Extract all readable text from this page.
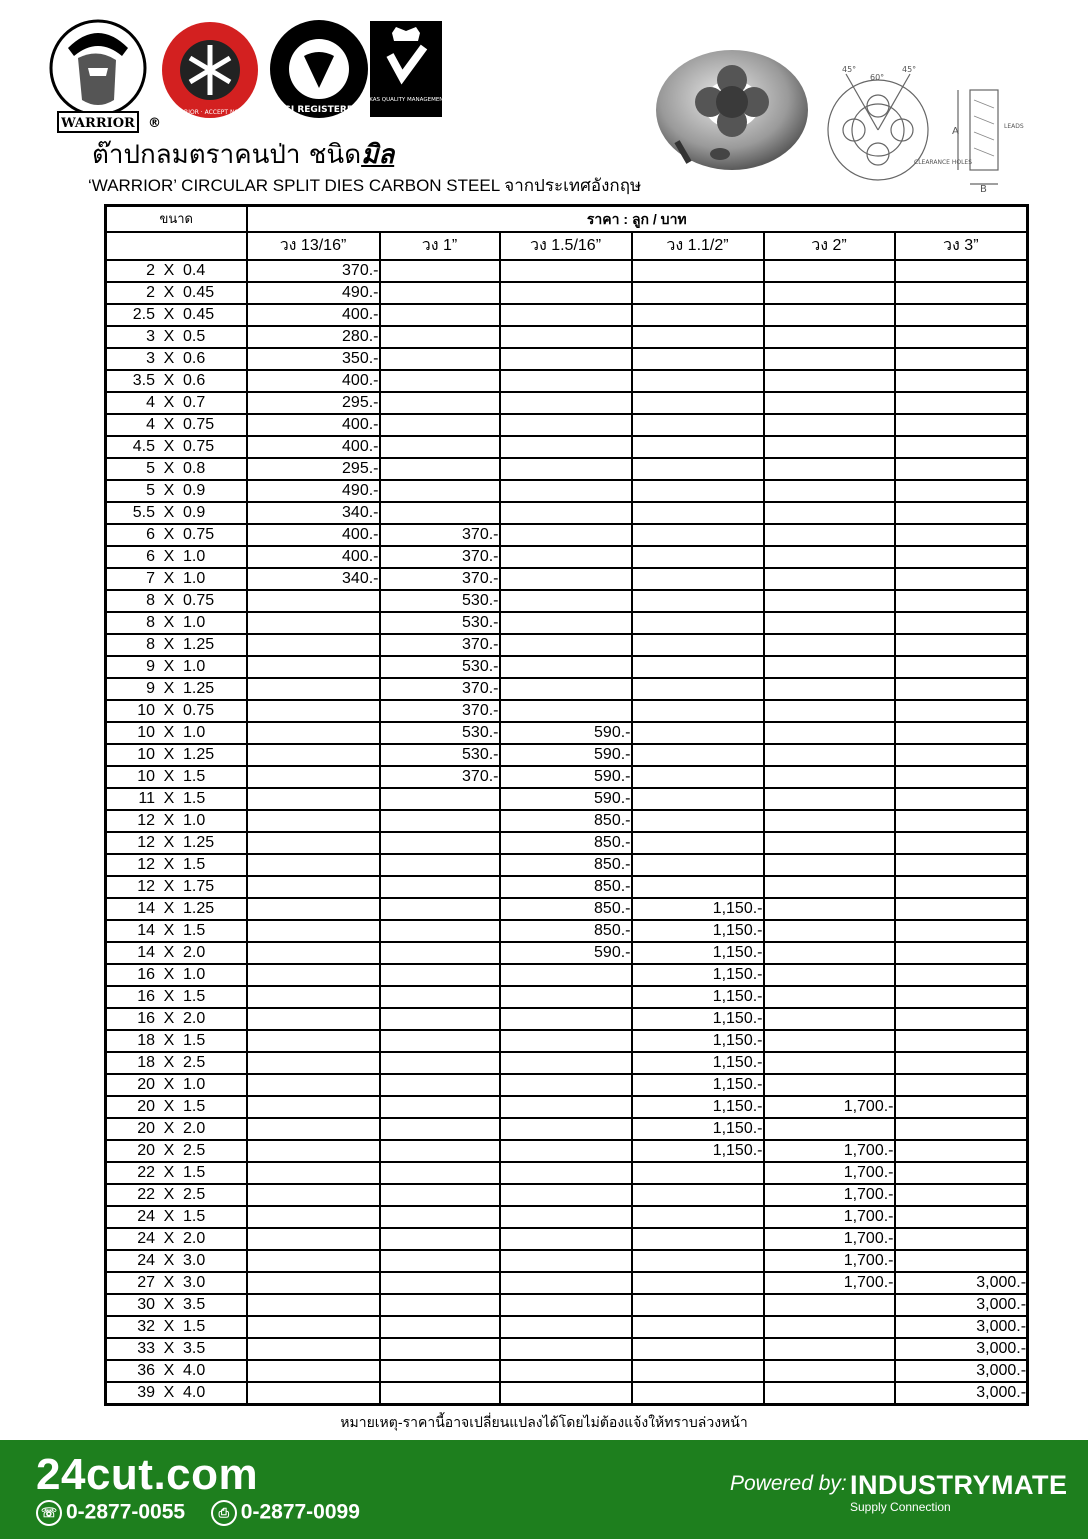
WARRIOR ®
ORIGINAL WARRIOR · ACCEPT NO ALTERNATIVE
BSI REGISTERED
UKAS QUALITY MANAGEMENT
ต๊าปกลมตราคนป่า ชนิดมิล
‘WARRIOR’ CIRCULAR SPLIT DIES CARBON STEEL จากประเทศอังกฤษ
45°
60°
45°
A
B
LEADS
CLEARANCE HOLES
ขนาด	ราคา : ลูก / บาท					
	วง 13/16”	วง 1”	วง 1.5/16”	วง 1.1/2”	วง 2”	วง 3”
2 X 0.4	370.-					
2 X 0.45	490.-					
2.5 X 0.45	400.-					
3 X 0.5	280.-					
3 X 0.6	350.-					
3.5 X 0.6	400.-					
4 X 0.7	295.-					
4 X 0.75	400.-					
4.5 X 0.75	400.-					
5 X 0.8	295.-					
5 X 0.9	490.-					
5.5 X 0.9	340.-					
6 X 0.75	400.-	370.-				
6 X 1.0	400.-	370.-				
7 X 1.0	340.-	370.-				
8 X 0.75		530.-				
8 X 1.0		530.-				
8 X 1.25		370.-				
9 X 1.0		530.-				
9 X 1.25		370.-				
10 X 0.75		370.-				
10 X 1.0		530.-	590.-			
10 X 1.25		530.-	590.-			
10 X 1.5		370.-	590.-			
11 X 1.5			590.-			
12 X 1.0			850.-			
12 X 1.25			850.-			
12 X 1.5			850.-			
12 X 1.75			850.-			
14 X 1.25			850.-	1,150.-		
14 X 1.5			850.-	1,150.-		
14 X 2.0			590.-	1,150.-		
16 X 1.0				1,150.-		
16 X 1.5				1,150.-		
16 X 2.0				1,150.-		
18 X 1.5				1,150.-		
18 X 2.5				1,150.-		
20 X 1.0				1,150.-		
20 X 1.5				1,150.-	1,700.-	
20 X 2.0				1,150.-		
20 X 2.5				1,150.-	1,700.-	
22 X 1.5					1,700.-	
22 X 2.5					1,700.-	
24 X 1.5					1,700.-	
24 X 2.0					1,700.-	
24 X 3.0					1,700.-	
27 X 3.0					1,700.-	3,000.-
30 X 3.5						3,000.-
32 X 1.5						3,000.-
33 X 3.5						3,000.-
36 X 4.0						3,000.-
39 X 4.0						3,000.-
หมายเหตุ-ราคานี้อาจเปลี่ยนแปลงได้โดยไม่ต้องแจ้งให้ทราบล่วงหน้า
24cut.com
☏ 0-2877-0055	⎙ 0-2877-0099
Powered by: INDUSTRYMATE
Supply Connection
